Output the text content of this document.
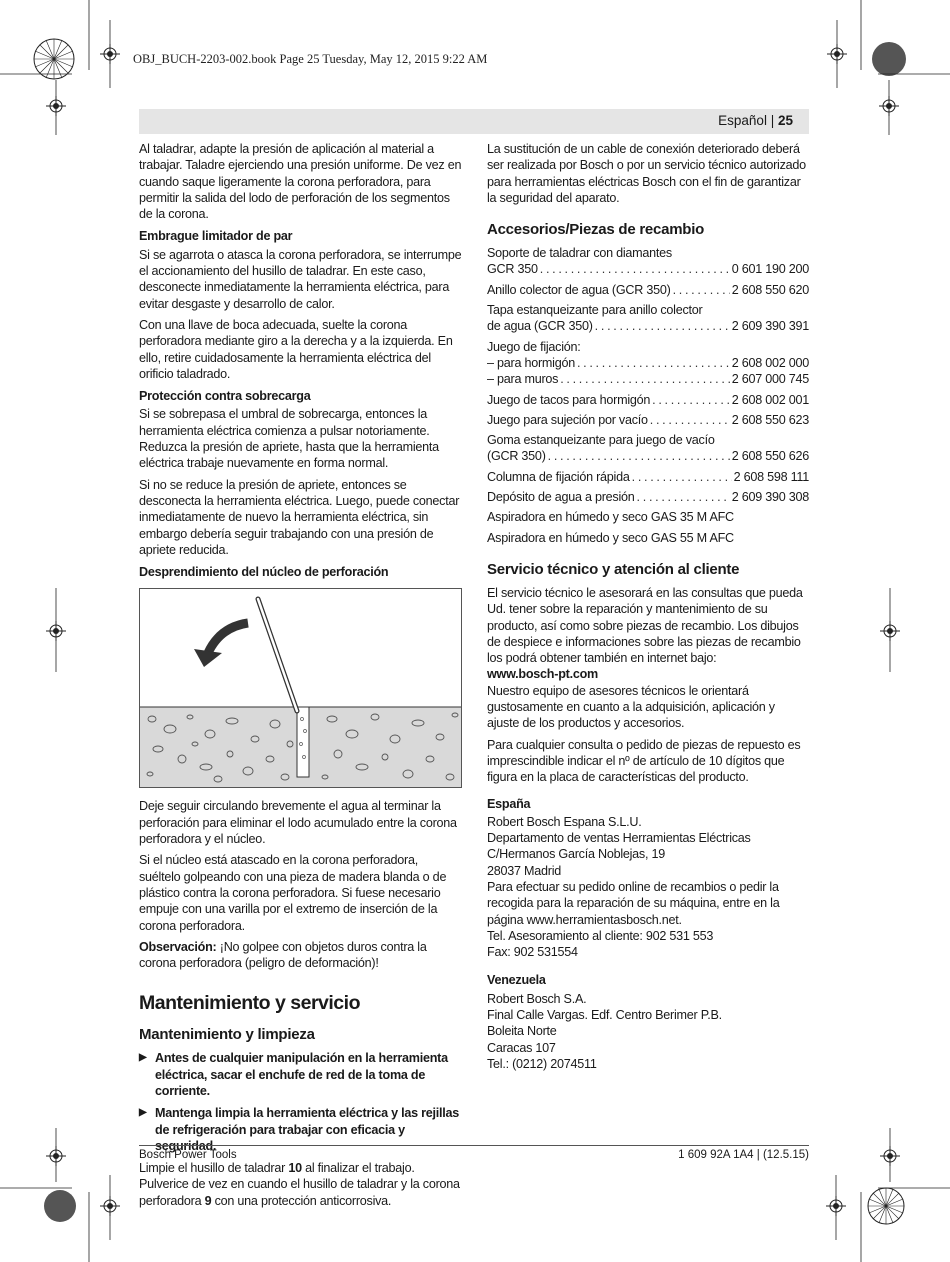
OBJ_BUCH-2203-002.book Page 25 Tuesday, May 12, 2015 9:22 AM
Español | 25

Al taladrar, adapte la presión de aplicación al material a trabajar. Taladre ejerciendo una presión uniforme. De vez en cuando saque ligeramente la corona perforadora, para permitir la salida del lodo de perforación de los segmentos de la corona.

Embrague limitador de par

Si se agarrota o atasca la corona perforadora, se interrumpe el accionamiento del husillo de taladrar. En este caso, desconecte inmediatamente la herramienta eléctrica, para evitar desgaste y desarrollo de calor.

Con una llave de boca adecuada, suelte la corona perforadora mediante giro a la derecha y a la izquierda. En ello, retire cuidadosamente la herramienta eléctrica del orificio taladrado.

Protección contra sobrecarga

Si se sobrepasa el umbral de sobrecarga, entonces la herramienta eléctrica comienza a pulsar notoriamente. Reduzca la presión de apriete, hasta que la herramienta eléctrica trabaje nuevamente en forma normal.

Si no se reduce la presión de apriete, entonces se desconecta la herramienta eléctrica. Luego, puede conectar inmediatamente de nuevo la herramienta eléctrica, sin embargo debería seguir trabajando con una presión de apriete reducida.

Desprendimiento del núcleo de perforación

Deje seguir circulando brevemente el agua al terminar la perforación para eliminar el lodo acumulado entre la corona perforadora y el núcleo.

Si el núcleo está atascado en la corona perforadora, suéltelo golpeando con una pieza de madera blanda o de plástico contra la corona perforadora. Si fuese necesario empuje con una varilla por el extremo de inserción de la corona perforadora.

Observación: ¡No golpee con objetos duros contra la corona perforadora (peligro de deformación)!

Mantenimiento y servicio
Mantenimiento y limpieza
▶ Antes de cualquier manipulación en la herramienta eléctrica, sacar el enchufe de red de la toma de corriente.
▶ Mantenga limpia la herramienta eléctrica y las rejillas de refrigeración para trabajar con eficacia y

Limpie el husillo de taladrar 10 al finalizar el trabajo. Pulverice de vez en cuando el husillo de taladrar y la corona perforadora 9 con una protección anticorrosiva.

La sustitución de un cable de conexión deteriorado deberá ser realizada por Bosch o por un servicio técnico autorizado para herramientas eléctricas Bosch con el fin de garantizar la seguridad del aparato.

Accesorios/Piezas de recambio
Soporte de taladrar con diamantes
GCR 350 . . .	0 601 190 200
Anillo colector de agua (GCR 350) . . .	2 608 550 620
Tapa estanqueizante para anillo colector
de agua (GCR 350) . . .	2 609 390 391
Juego de fijación:
– para hormigón . . .	2 608 002 000
– para muros . . .	2 607 000 745
Juego de tacos para hormigón . . .	2 608 002 001
Juego para sujeción por vacío . . .	2 608 550 623
Goma estanqueizante para juego de vacío
(GCR 350) . . .	2 608 550 626
Columna de fijación rápida . . .	2 608 598 111
Depósito de agua a presión . . .	2 609 390 308
Aspiradora en húmedo y seco GAS 35 M AFC
Aspiradora en húmedo y seco GAS 55 M AFC
Servicio técnico y atención al cliente

El servicio técnico le asesorará en las consultas que pueda Ud. tener sobre la reparación y mantenimiento de su producto, así como sobre piezas de recambio. Los dibujos de despiece e informaciones sobre las piezas de recambio los podrá obtener también en internet bajo:

www.bosch-pt.com

Nuestro equipo de asesores técnicos le orientará gustosamente en cuanto a la adquisición, aplicación y ajuste de los productos y accesorios.

Para cualquier consulta o pedido de piezas de repuesto es imprescindible indicar el nº de artículo de 10 dígitos que figura en la placa de características del producto.

España

Robert Bosch Espana S.L.U.

Departamento de ventas Herramientas Eléctricas

C/Hermanos García Noblejas, 19

28037 Madrid

Para efectuar su pedido online de recambios o pedir la recogida para la reparación de su máquina, entre en la página www.herramientasbosch.net.

Tel. Asesoramiento al cliente: 902 531 553

Fax: 902 531554

Venezuela

Robert Bosch S.A.

Final Calle Vargas. Edf. Centro Berimer P.B.

Boleita Norte

Caracas 107

Tel.: (0212) 2074511

Bosch Power Tools	1 609 92A 1A4 | (12.5.15)
